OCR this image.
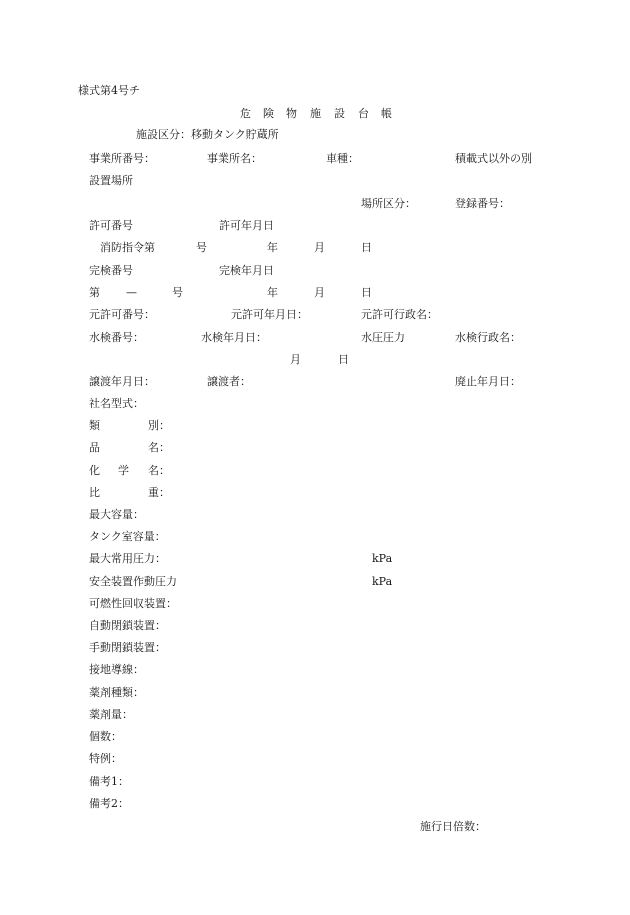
様式第4号チ
危 険 物 施 設 台 帳
施設区分：移動タンク貯蔵所
事業所番号：	事業所名：	車種：	積載式以外の別
設置場所
場所区分：	登録番号：
許可番号	許可年月日
消防指令第	号	年	月	日
完検番号	完検年月日
第 —	号	年	月	日
元許可番号：	元許可年月日：	元許可行政名：
水検番号：	水検年月日：	水圧圧力	水検行政名：
月	日
譲渡年月日：	譲渡者：	廃止年月日：
社名型式：
類	別：
品	名：
化 学 名：
比	重：
最大容量：
タンク室容量：
最大常用圧力：	kPa
安全装置作動圧力	kPa
可燃性回収装置：
自動閉鎖装置：
手動閉鎖装置：
接地導線：
薬剤種類：
薬剤量：
個数：
特例：
備考1：
備考2：
施行日倍数：
